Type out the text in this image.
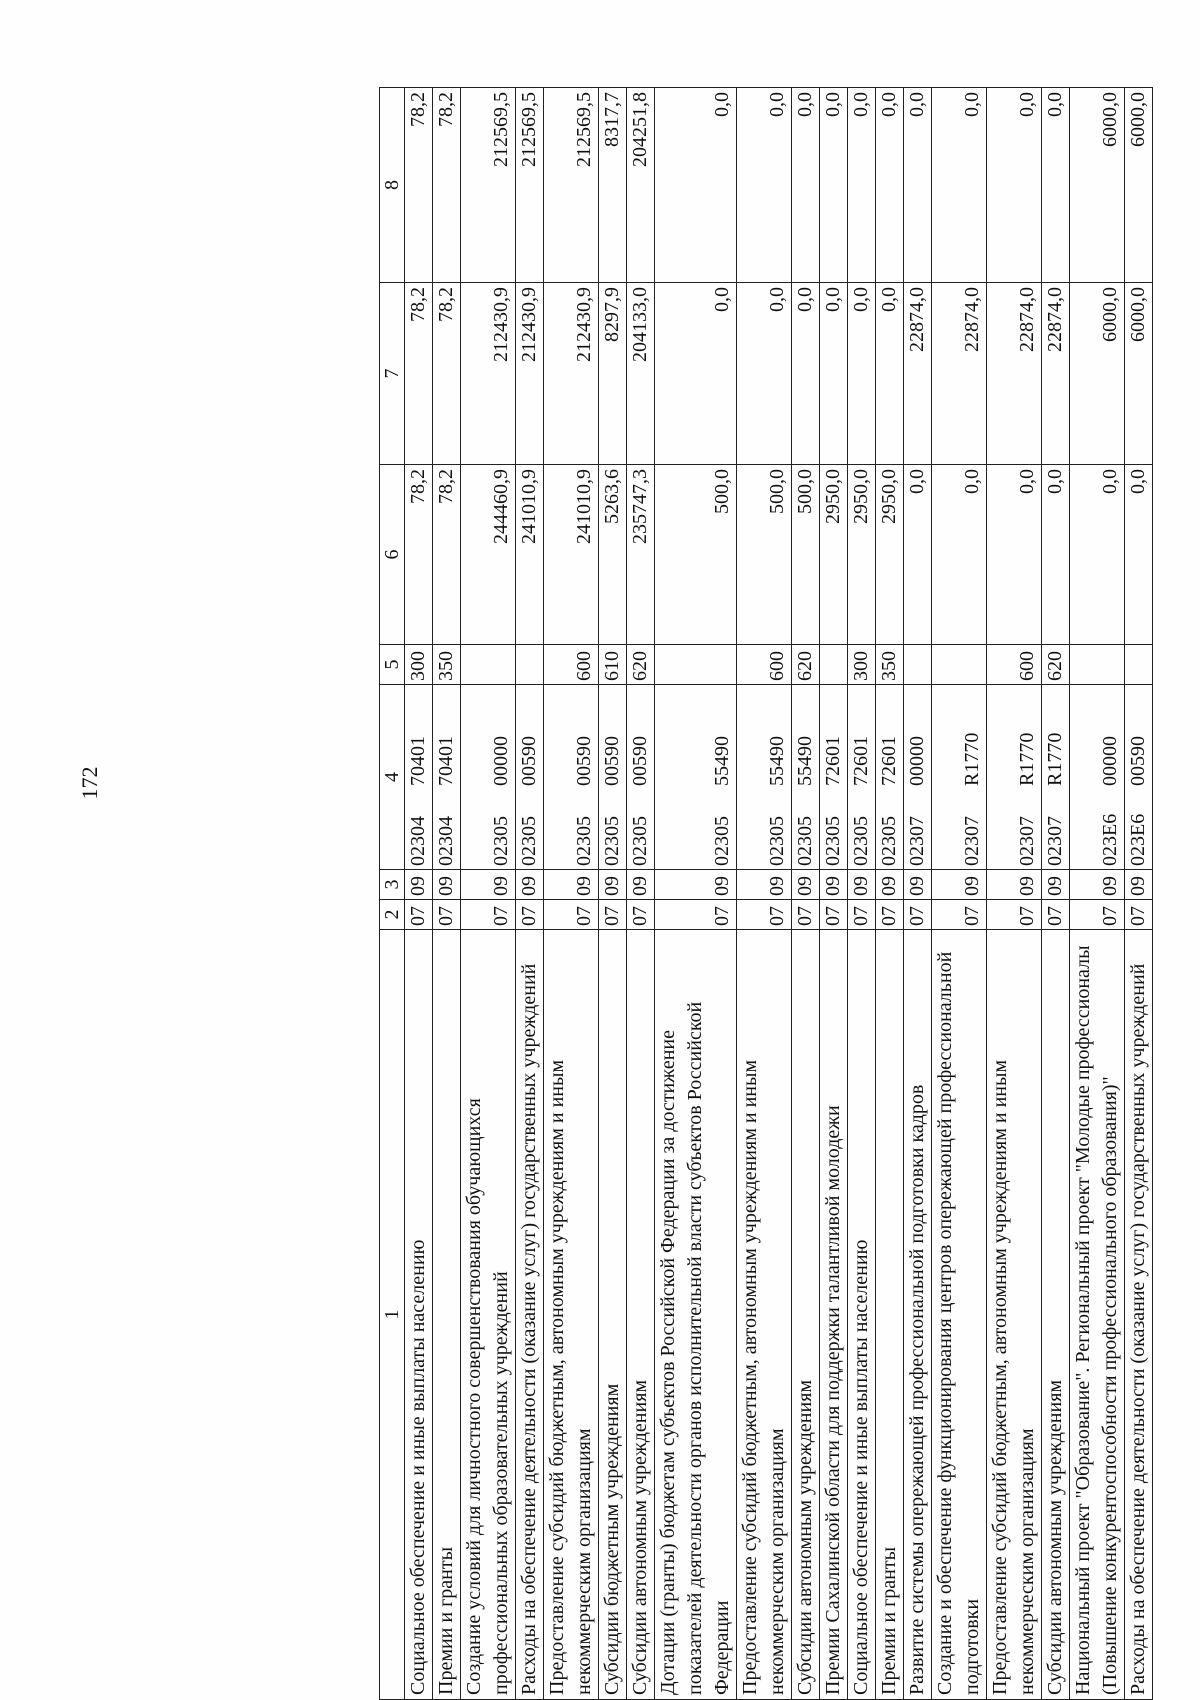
172
1	2	3	4	5	6	7	8
Социальное обеспечение и иные выплаты населению	07	09	0230470401	300	78,2	78,2	78,2
Премии и гранты	07	09	0230470401	350	78,2	78,2	78,2
Создание условий для личностного совершенствования обучающихся профессиональных образовательных учреждений	07	09	0230500000		244460,9	212430,9	212569,5
Расходы на обеспечение деятельности (оказание услуг) государственных учреждений	07	09	0230500590		241010,9	212430,9	212569,5
Предоставление субсидий бюджетным, автономным учреждениям и иным некоммерческим организациям	07	09	0230500590	600	241010,9	212430,9	212569,5
Субсидии бюджетным учреждениям	07	09	0230500590	610	5263,6	8297,9	8317,7
Субсидии автономным учреждениям	07	09	0230500590	620	235747,3	204133,0	204251,8
Дотации (гранты) бюджетам субъектов Российской Федерации за достижение показателей деятельности органов исполнительной власти субъектов Российской Федерации	07	09	0230555490		500,0	0,0	0,0
Предоставление субсидий бюджетным, автономным учреждениям и иным некоммерческим организациям	07	09	0230555490	600	500,0	0,0	0,0
Субсидии автономным учреждениям	07	09	0230555490	620	500,0	0,0	0,0
Премии Сахалинской области для поддержки талантливой молодежи	07	09	0230572601		2950,0	0,0	0,0
Социальное обеспечение и иные выплаты населению	07	09	0230572601	300	2950,0	0,0	0,0
Премии и гранты	07	09	0230572601	350	2950,0	0,0	0,0
Развитие системы опережающей профессиональной подготовки кадров	07	09	0230700000		0,0	22874,0	0,0
Создание и обеспечение функционирования центров опережающей профессиональной подготовки	07	09	02307R1770		0,0	22874,0	0,0
Предоставление субсидий бюджетным, автономным учреждениям и иным некоммерческим организациям	07	09	02307R1770	600	0,0	22874,0	0,0
Субсидии автономным учреждениям	07	09	02307R1770	620	0,0	22874,0	0,0
Национальный проект "Образование". Региональный проект "Молодые профессионалы (Повышение конкурентоспособности профессионального образования)"	07	09	023Е600000		0,0	6000,0	6000,0
Расходы на обеспечение деятельности (оказание услуг) государственных учреждений	07	09	023Е600590		0,0	6000,0	6000,0
